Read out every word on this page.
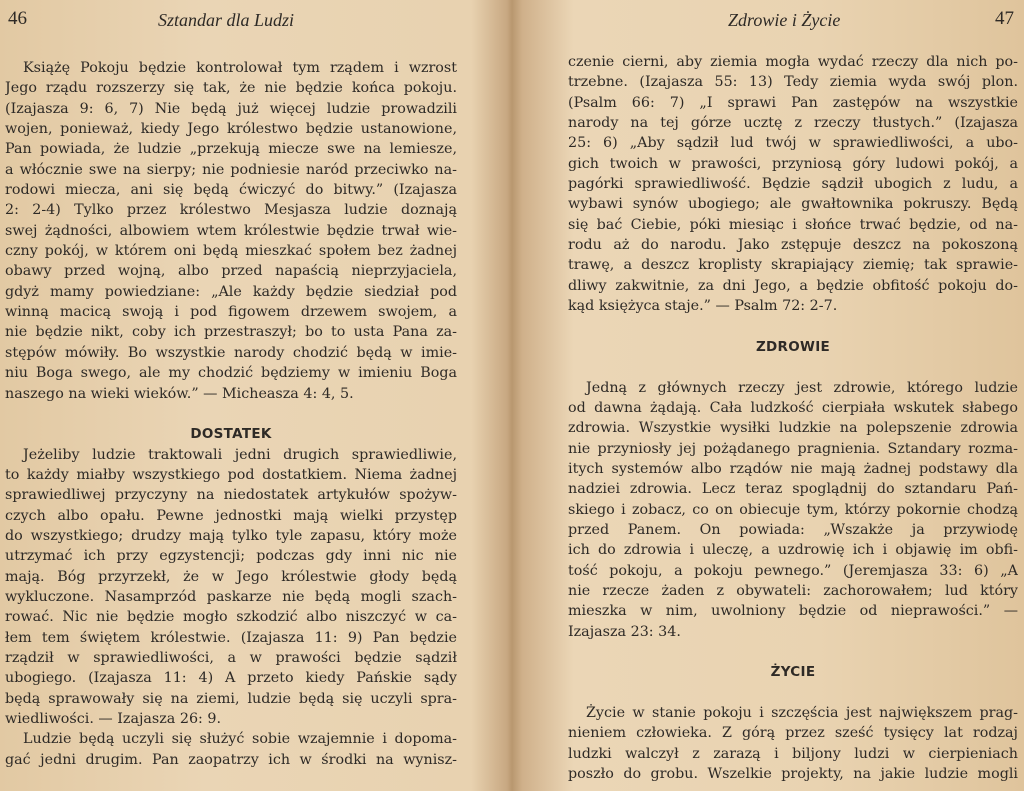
46	Sztandar dla Ludzi
Książę Pokoju będzie kontrolował tym rządem i wzrost
Jego rządu rozszerzy się tak, że nie będzie końca pokoju.
(Izajasza 9: 6, 7) Nie będą już więcej ludzie prowadzili
wojen, ponieważ, kiedy Jego królestwo będzie ustanowione,
Pan powiada, że ludzie „przekują miecze swe na lemiesze,
a włócznie swe na sierpy; nie podniesie naród przeciwko na-
rodowi miecza, ani się będą ćwiczyć do bitwy.” (Izajasza
2: 2-4) Tylko przez królestwo Mesjasza ludzie doznają
swej żądności, albowiem wtem królestwie będzie trwał wie-
czny pokój, w którem oni będą mieszkać społem bez żadnej
obawy przed wojną, albo przed napaścią nieprzyjaciela,
gdyż mamy powiedziane: „Ale każdy będzie siedział pod
winną macicą swoją i pod figowem drzewem swojem, a
nie będzie nikt, coby ich przestraszył; bo to usta Pana za-
stępów mówiły. Bo wszystkie narody chodzić będą w imie-
niu Boga swego, ale my chodzić będziemy w imieniu Boga
naszego na wieki wieków.” — Micheasza 4: 4, 5.
DOSTATEK
Jeżeliby ludzie traktowali jedni drugich sprawiedliwie,
to każdy miałby wszystkiego pod dostatkiem. Niema żadnej
sprawiedliwej przyczyny na niedostatek artykułów spożyw-
czych albo opału. Pewne jednostki mają wielki przystęp
do wszystkiego; drudzy mają tylko tyle zapasu, który może
utrzymać ich przy egzystencji; podczas gdy inni nic nie
mają. Bóg przyrzekł, że w Jego królestwie głody będą
wykluczone. Nasamprzód paskarze nie będą mogli szach-
rować. Nic nie będzie mogło szkodzić albo niszczyć w ca-
łem tem świętem królestwie. (Izajasza 11: 9) Pan będzie
rządził w sprawiedliwości, a w prawości będzie sądził
ubogiego. (Izajasza 11: 4) A przeto kiedy Pańskie sądy
będą sprawowały się na ziemi, ludzie będą się uczyli spra-
wiedliwości. — Izajasza 26: 9.
Ludzie będą uczyli się służyć sobie wzajemnie i dopoma-
gać jedni drugim. Pan zaopatrzy ich w środki na wynisz-
Zdrowie i Życie	47
czenie cierni, aby ziemia mogła wydać rzeczy dla nich po-
trzebne. (Izajasza 55: 13) Tedy ziemia wyda swój plon.
(Psalm 66: 7) „I sprawi Pan zastępów na wszystkie
narody na tej górze ucztę z rzeczy tłustych.” (Izajasza
25: 6) „Aby sądził lud twój w sprawiedliwości, a ubo-
gich twoich w prawości, przyniosą góry ludowi pokój, a
pagórki sprawiedliwość. Będzie sądził ubogich z ludu, a
wybawi synów ubogiego; ale gwałtownika pokruszy. Będą
się bać Ciebie, póki miesiąc i słońce trwać będzie, od na-
rodu aż do narodu. Jako zstępuje deszcz na pokoszoną
trawę, a deszcz kroplisty skrapiający ziemię; tak sprawie-
dliwy zakwitnie, za dni Jego, a będzie obfitość pokoju do-
kąd księżyca staje.” — Psalm 72: 2-7.
ZDROWIE
Jedną z głównych rzeczy jest zdrowie, którego ludzie
od dawna żądają. Cała ludzkość cierpiała wskutek słabego
zdrowia. Wszystkie wysiłki ludzkie na polepszenie zdrowia
nie przyniosły jej pożądanego pragnienia. Sztandary rozma-
itych systemów albo rządów nie mają żadnej podstawy dla
nadziei zdrowia. Lecz teraz spoglądnij do sztandaru Pań-
skiego i zobacz, co on obiecuje tym, którzy pokornie chodzą
przed Panem. On powiada: „Wszakże ja przywiodę
ich do zdrowia i uleczę, a uzdrowię ich i objawię im obfi-
tość pokoju, a pokoju pewnego.” (Jeremjasza 33: 6) „A
nie rzecze żaden z obywateli: zachorowałem; lud który
mieszka w nim, uwolniony będzie od nieprawości.” —
Izajasza 23: 34.
ŻYCIE
Życie w stanie pokoju i szczęścia jest największem prag-
nieniem człowieka. Z górą przez sześć tysięcy lat rodzaj
ludzki walczył z zarazą i biljony ludzi w cierpieniach
poszło do grobu. Wszelkie projekty, na jakie ludzie mogli
